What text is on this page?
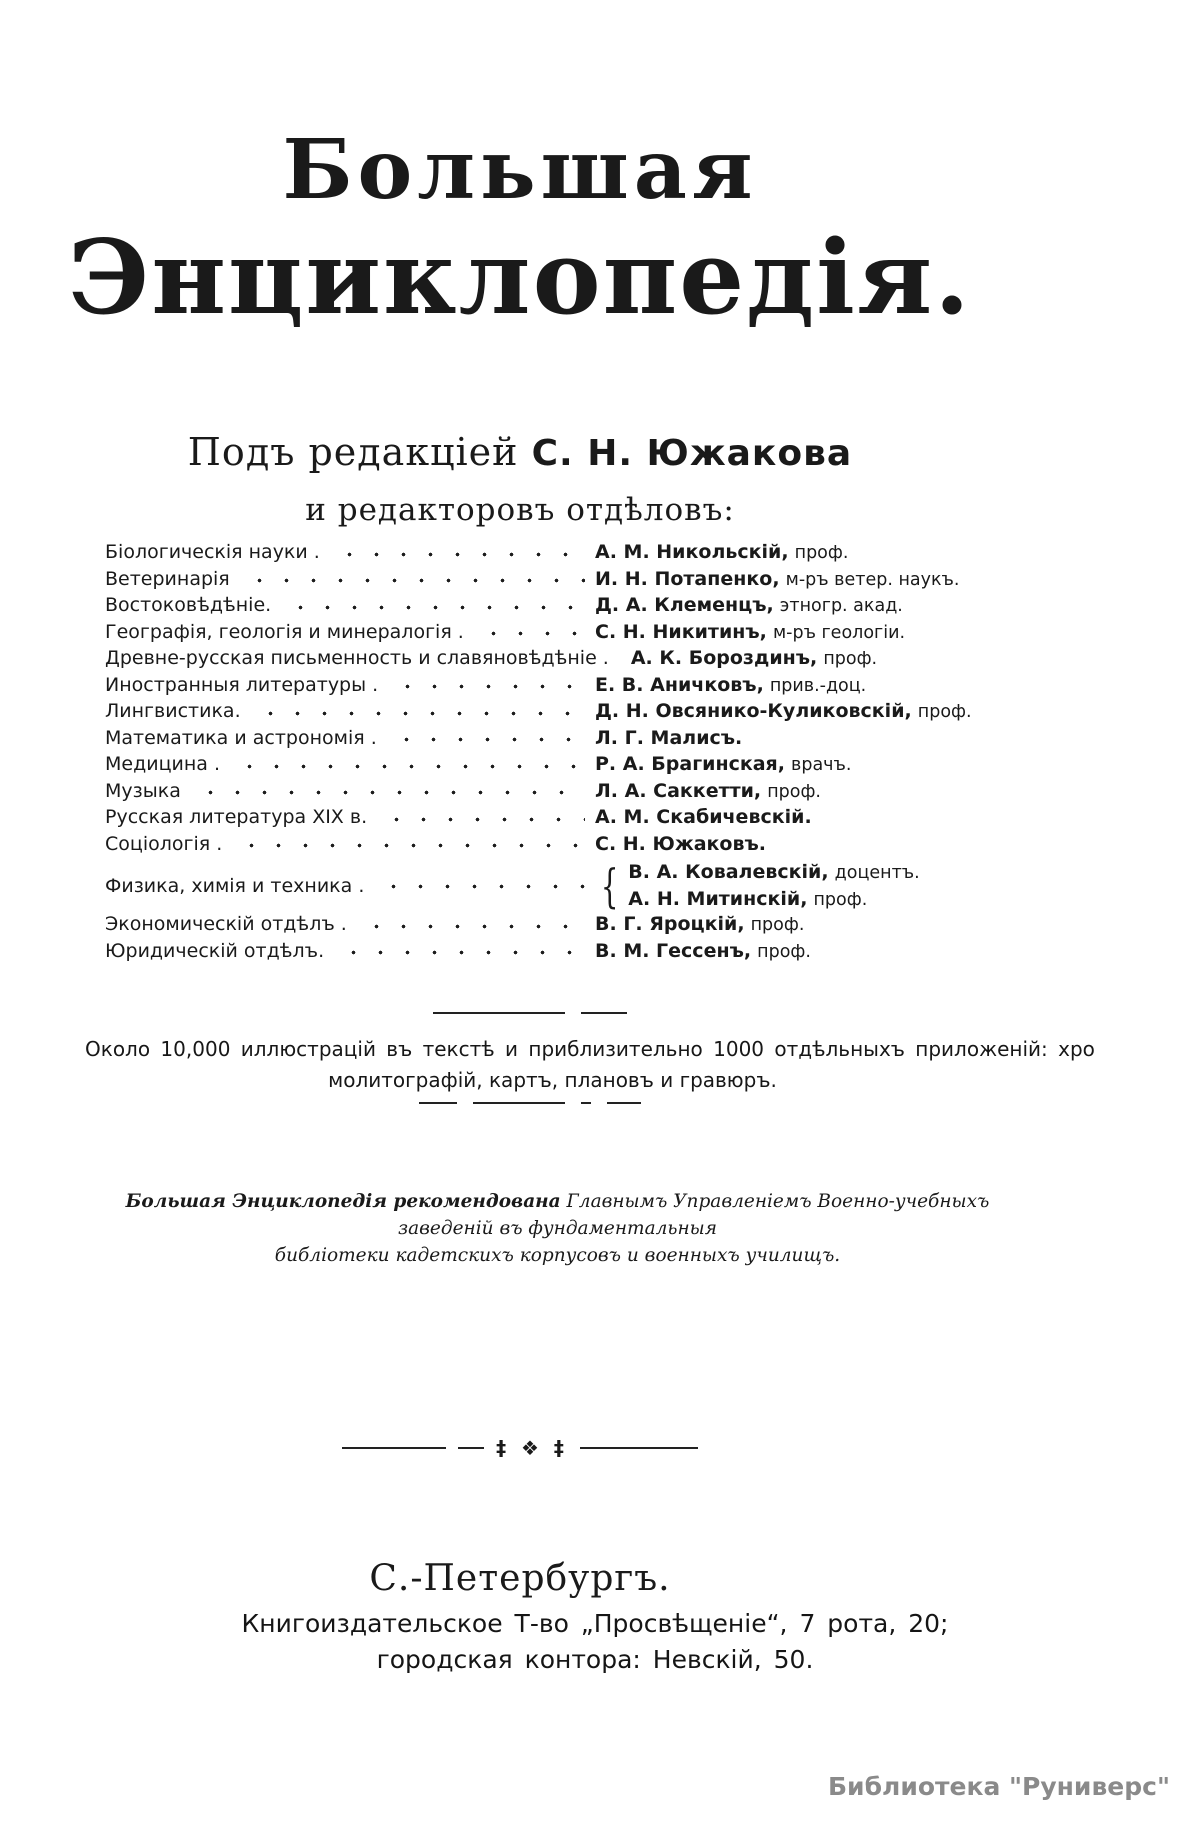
Большая
Энциклопедія.
Подъ редакціей С. Н. Южакова
и редакторовъ отдѣловъ:
Біологическія науки .	А. М. Никольскій, проф.
Ветеринарія	И. Н. Потапенко, м-ръ ветер. наукъ.
Востоковѣдѣніе.	Д. А. Клеменцъ, этногр. акад.
Географія, геологія и минералогія .	С. Н. Никитинъ, м-ръ геологіи.
Древне-русская письменность и славяновѣдѣніе . А. К. Бороздинъ, проф.
Иностранныя литературы .	Е. В. Аничковъ, прив.-доц.
Лингвистика.	Д. Н. Овсянико-Куликовскій, проф.
Математика и астрономія .	Л. Г. Малисъ.
Медицина .	Р. А. Брагинская, врачъ.
Музыка	Л. А. Саккетти, проф.
Русская литература XIX в.	А. М. Скабичевскій.
Соціологія .	С. Н. Южаковъ.
Физика, химія и техника .	{ В. А. Ковалевскій, доцентъ.
А. Н. Митинскій, проф.
Экономическій отдѣлъ .	В. Г. Яроцкій, проф.
Юридическій отдѣлъ.	В. М. Гессенъ, проф.
Около 10,000 иллюстрацій въ текстѣ и приблизительно 1000 отдѣльныхъ приложеній: хро
молитографій, картъ, плановъ и гравюръ.
Большая Энциклопедія рекомендована Главнымъ Управленіемъ Военно-учебныхъ заведеній въ фундаментальныя
библіотеки кадетскихъ корпусовъ и военныхъ училищъ.
‡ ❖ ‡
С.-Петербургъ.
Книгоиздательское Т-во „Просвѣщеніе“, 7 рота, 20;
городская контора: Невскій, 50.
Библиотека "Руниверс"
